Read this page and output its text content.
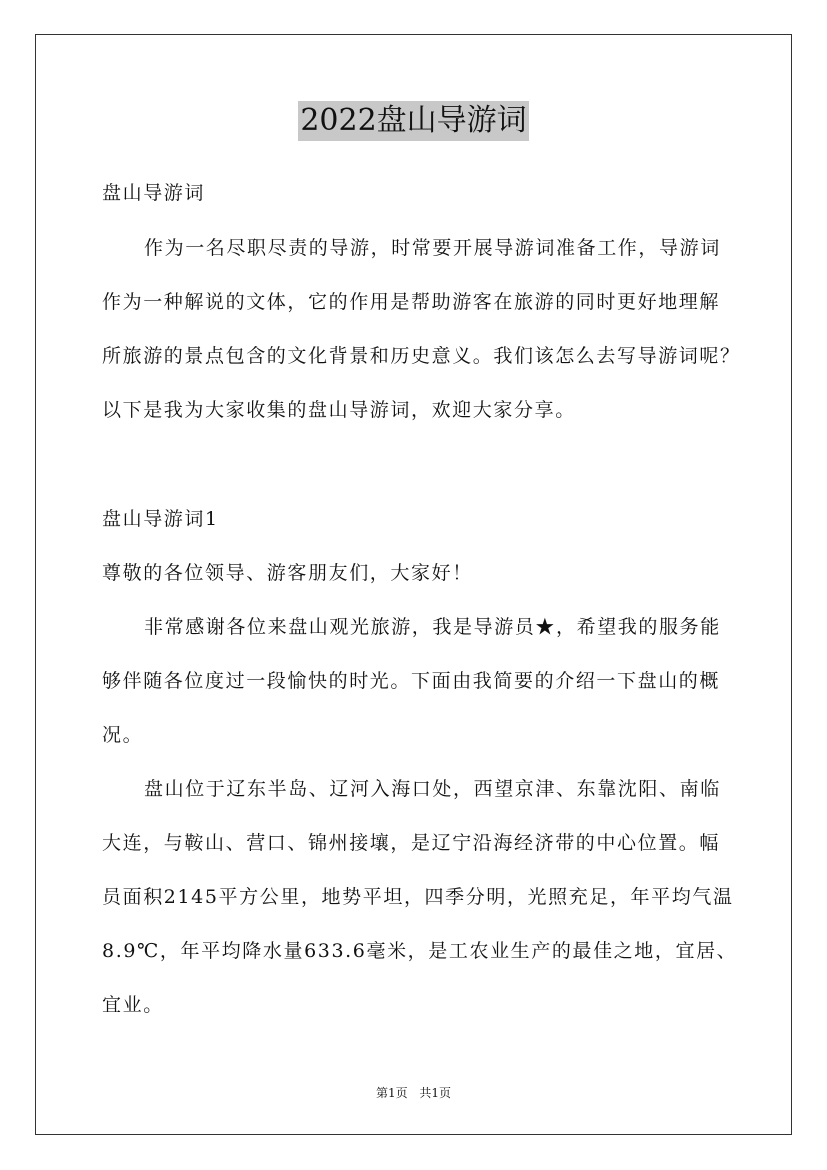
2022盘山导游词
盘山导游词
作为一名尽职尽责的导游，时常要开展导游词准备工作，导游词
作为一种解说的文体，它的作用是帮助游客在旅游的同时更好地理解
所旅游的景点包含的文化背景和历史意义。我们该怎么去写导游词呢？
以下是我为大家收集的盘山导游词，欢迎大家分享。
盘山导游词1
尊敬的各位领导、游客朋友们，大家好！
非常感谢各位来盘山观光旅游，我是导游员★，希望我的服务能
够伴随各位度过一段愉快的时光。下面由我简要的介绍一下盘山的概
况。
盘山位于辽东半岛、辽河入海口处，西望京津、东靠沈阳、南临
大连，与鞍山、营口、锦州接壤，是辽宁沿海经济带的中心位置。幅
员面积2145平方公里，地势平坦，四季分明，光照充足，年平均气温
8.9℃，年平均降水量633.6毫米，是工农业生产的最佳之地，宜居、
宜业。
第1页 共1页
